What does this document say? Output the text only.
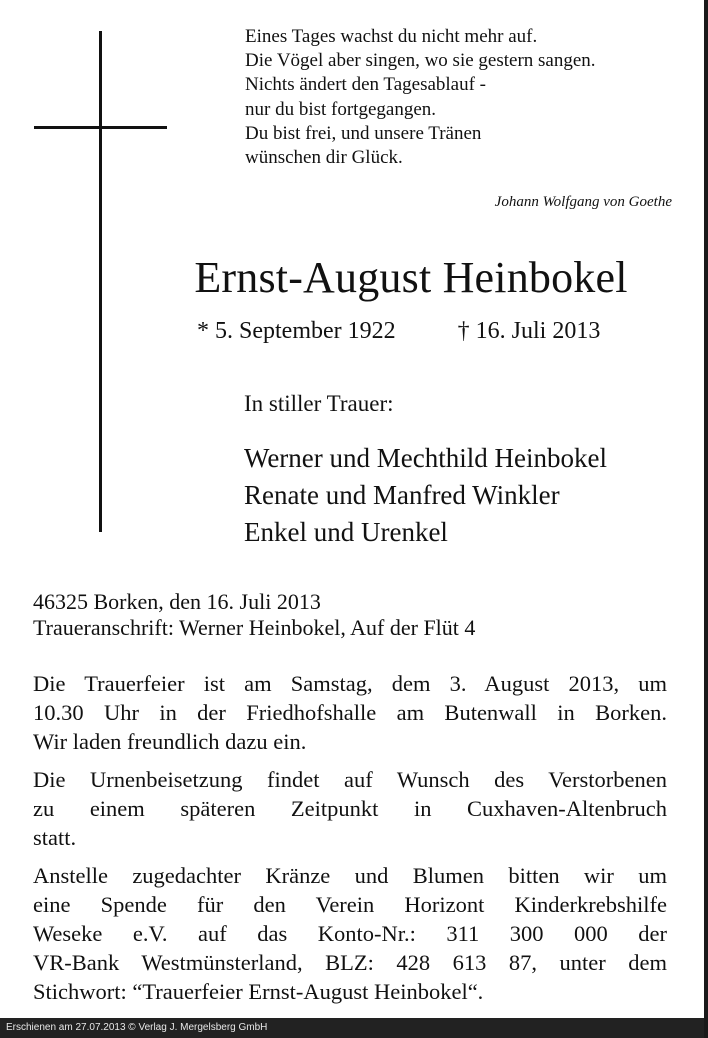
Eines Tages wachst du nicht mehr auf.
Die Vögel aber singen, wo sie gestern sangen.
Nichts ändert den Tagesablauf -
nur du bist fortgegangen.
Du bist frei, und unsere Tränen
wünschen dir Glück.
Johann Wolfgang von Goethe
Ernst-August Heinbokel
* 5. September 1922	† 16. Juli 2013
In stiller Trauer:
Werner und Mechthild Heinbokel
Renate und Manfred Winkler
Enkel und Urenkel
46325 Borken, den 16. Juli 2013
Traueranschrift: Werner Heinbokel, Auf der Flüt 4
Die Trauerfeier ist am Samstag, dem 3. August 2013, um
10.30 Uhr in der Friedhofshalle am Butenwall in Borken.
Wir laden freundlich dazu ein.
Die Urnenbeisetzung findet auf Wunsch des Verstorbenen
zu einem späteren Zeitpunkt in Cuxhaven-Altenbruch
statt.
Anstelle zugedachter Kränze und Blumen bitten wir um
eine Spende für den Verein Horizont Kinderkrebshilfe
Weseke e.V. auf das Konto-Nr.: 311 300 000 der
VR-Bank Westmünsterland, BLZ: 428 613 87, unter dem
Stichwort: “Trauerfeier Ernst-August Heinbokel“.
Erschienen am 27.07.2013 © Verlag J. Mergelsberg GmbH
